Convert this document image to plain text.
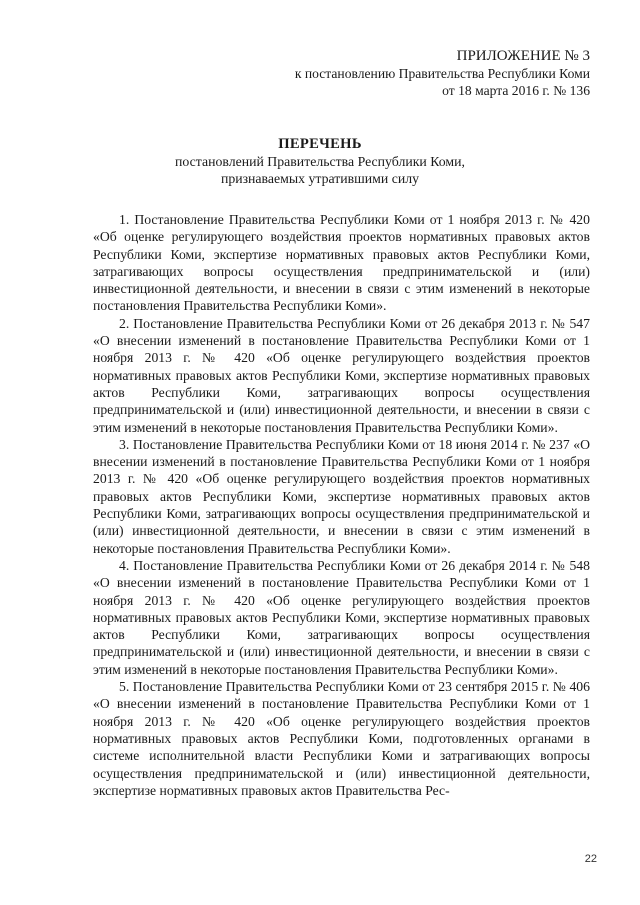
ПРИЛОЖЕНИЕ № 3
к постановлению Правительства Республики Коми
от 18 марта 2016 г. № 136
ПЕРЕЧЕНЬ
постановлений Правительства Республики Коми,
признаваемых утратившими силу

1. Постановление Правительства Республики Коми от 1 ноября 2013 г. № 420 «Об оценке регулирующего воздействия проектов нормативных правовых актов Республики Коми, экспертизе нормативных правовых актов Республики Коми, затрагивающих вопросы осуществления предпринимательской и (или) инвестиционной деятельности, и внесении в связи с этим изменений в некоторые постановления Правительства Республики Коми».

2. Постановление Правительства Республики Коми от 26 декабря 2013 г. № 547 «О внесении изменений в постановление Правительства Республики Коми от 1 ноября 2013 г. № 420 «Об оценке регулирующего воздействия проектов нормативных правовых актов Республики Коми, экспертизе нормативных правовых актов Республики Коми, затрагивающих вопросы осуществления предпринимательской и (или) инвестиционной деятельности, и внесении в связи с этим изменений в некоторые постановления Правительства Республики Коми».

3. Постановление Правительства Республики Коми от 18 июня 2014 г. № 237 «О внесении изменений в постановление Правительства Республики Коми от 1 ноября 2013 г. № 420 «Об оценке регулирующего воздействия проектов нормативных правовых актов Республики Коми, экспертизе нормативных правовых актов Республики Коми, затрагивающих вопросы осуществления предпринимательской и (или) инвестиционной деятельности, и внесении в связи с этим изменений в некоторые постановления Правительства Республики Коми».

4. Постановление Правительства Республики Коми от 26 декабря 2014 г. № 548 «О внесении изменений в постановление Правительства Республики Коми от 1 ноября 2013 г. № 420 «Об оценке регулирующего воздействия проектов нормативных правовых актов Республики Коми, экспертизе нормативных правовых актов Республики Коми, затрагивающих вопросы осуществления предпринимательской и (или) инвестиционной деятельности, и внесении в связи с этим изменений в некоторые постановления Правительства Республики Коми».

5. Постановление Правительства Республики Коми от 23 сентября 2015 г. № 406 «О внесении изменений в постановление Правительства Республики Коми от 1 ноября 2013 г. № 420 «Об оценке регулирующего воздействия проектов нормативных правовых актов Республики Коми, подготовленных органами в системе исполнительной власти Республики Коми и затрагивающих вопросы осуществления предпринимательской и (или) инвестиционной деятельности, экспертизе нормативных правовых актов Правительства Рес-

22
